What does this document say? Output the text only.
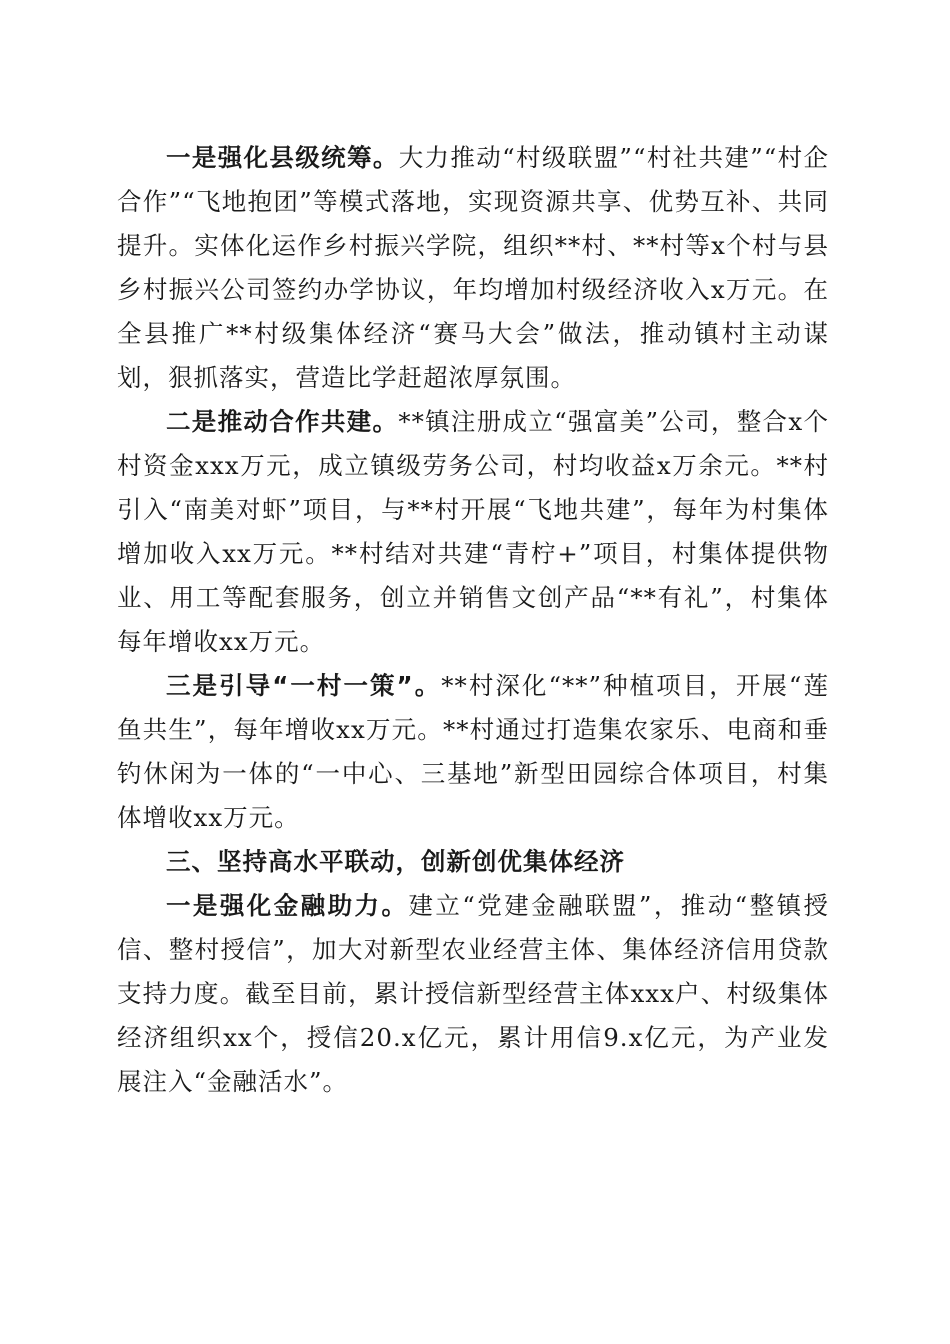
一是强化县级统筹。大力推动“村级联盟”“村社共建”“村企合作”“飞地抱团”等模式落地，实现资源共享、优势互补、共同提升。实体化运作乡村振兴学院，组织**村、**村等x个村与县乡村振兴公司签约办学协议，年均增加村级经济收入x万元。在全县推广**村级集体经济“赛马大会”做法，推动镇村主动谋划，狠抓落实，营造比学赶超浓厚氛围。

二是推动合作共建。**镇注册成立“强富美”公司，整合x个村资金xxx万元，成立镇级劳务公司，村均收益x万余元。**村引入“南美对虾”项目，与**村开展“飞地共建”，每年为村集体增加收入xx万元。**村结对共建“青柠+”项目，村集体提供物业、用工等配套服务，创立并销售文创产品“**有礼”，村集体每年增收xx万元。

三是引导“一村一策”。**村深化“**”种植项目，开展“莲鱼共生”，每年增收xx万元。**村通过打造集农家乐、电商和垂钓休闲为一体的“一中心、三基地”新型田园综合体项目，村集体增收xx万元。

三、坚持高水平联动，创新创优集体经济

一是强化金融助力。建立“党建金融联盟”，推动“整镇授信、整村授信”，加大对新型农业经营主体、集体经济信用贷款支持力度。截至目前，累计授信新型经营主体xxx户、村级集体经济组织xx个，授信20.x亿元，累计用信9.x亿元，为产业发展注入“金融活水”。
